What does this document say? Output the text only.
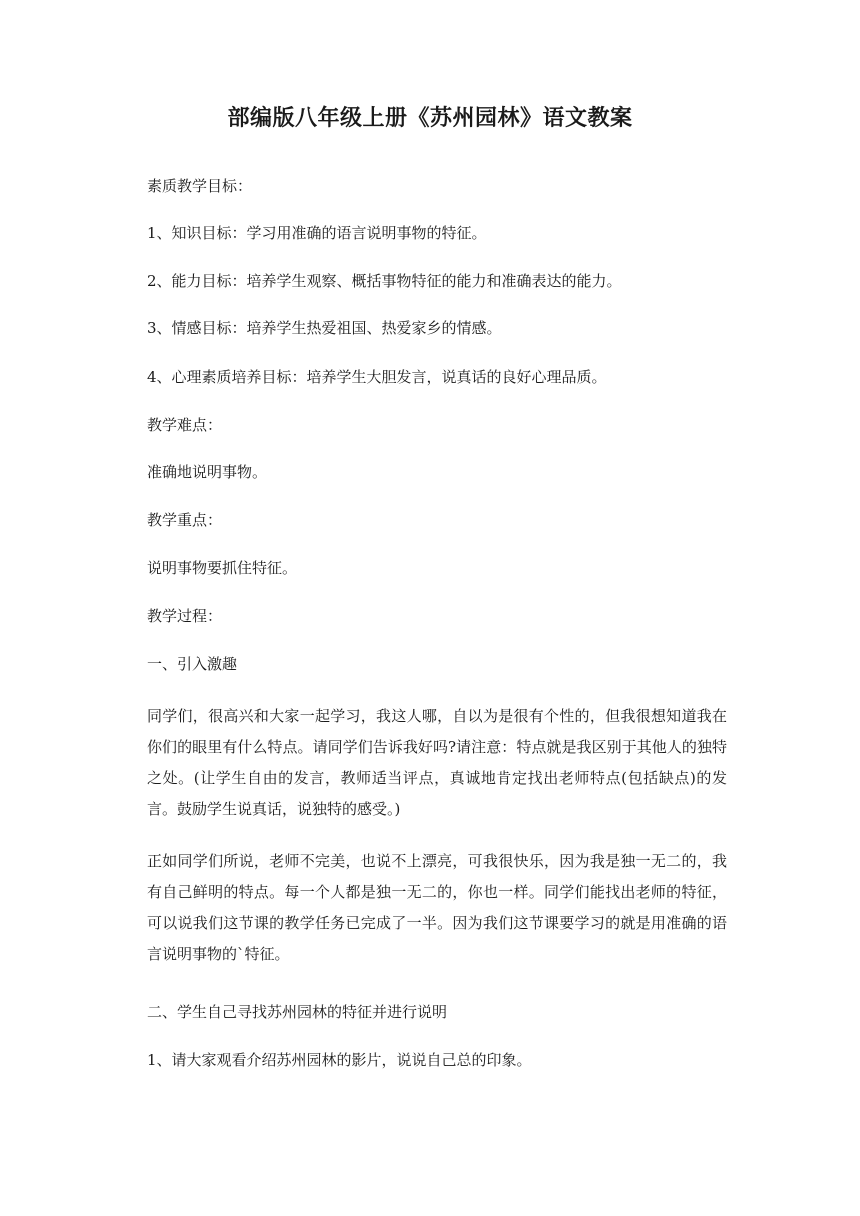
部编版八年级上册《苏州园林》语文教案

素质教学目标：

1、知识目标：学习用准确的语言说明事物的特征。

2、能力目标：培养学生观察、概括事物特征的能力和准确表达的能力。

3、情感目标：培养学生热爱祖国、热爱家乡的情感。

4、心理素质培养目标：培养学生大胆发言，说真话的良好心理品质。

教学难点：

准确地说明事物。

教学重点：

说明事物要抓住特征。

教学过程：

一、引入激趣

同学们，很高兴和大家一起学习，我这人哪，自以为是很有个性的，但我很想知道我在你们的眼里有什么特点。请同学们告诉我好吗?请注意：特点就是我区别于其他人的独特之处。(让学生自由的发言，教师适当评点，真诚地肯定找出老师特点(包括缺点)的发言。鼓励学生说真话，说独特的感受。)

正如同学们所说，老师不完美，也说不上漂亮，可我很快乐，因为我是独一无二的，我有自己鲜明的特点。每一个人都是独一无二的，你也一样。同学们能找出老师的特征，可以说我们这节课的教学任务已完成了一半。因为我们这节课要学习的就是用准确的语言说明事物的`特征。

二、学生自己寻找苏州园林的特征并进行说明

1、请大家观看介绍苏州园林的影片，说说自己总的印象。
